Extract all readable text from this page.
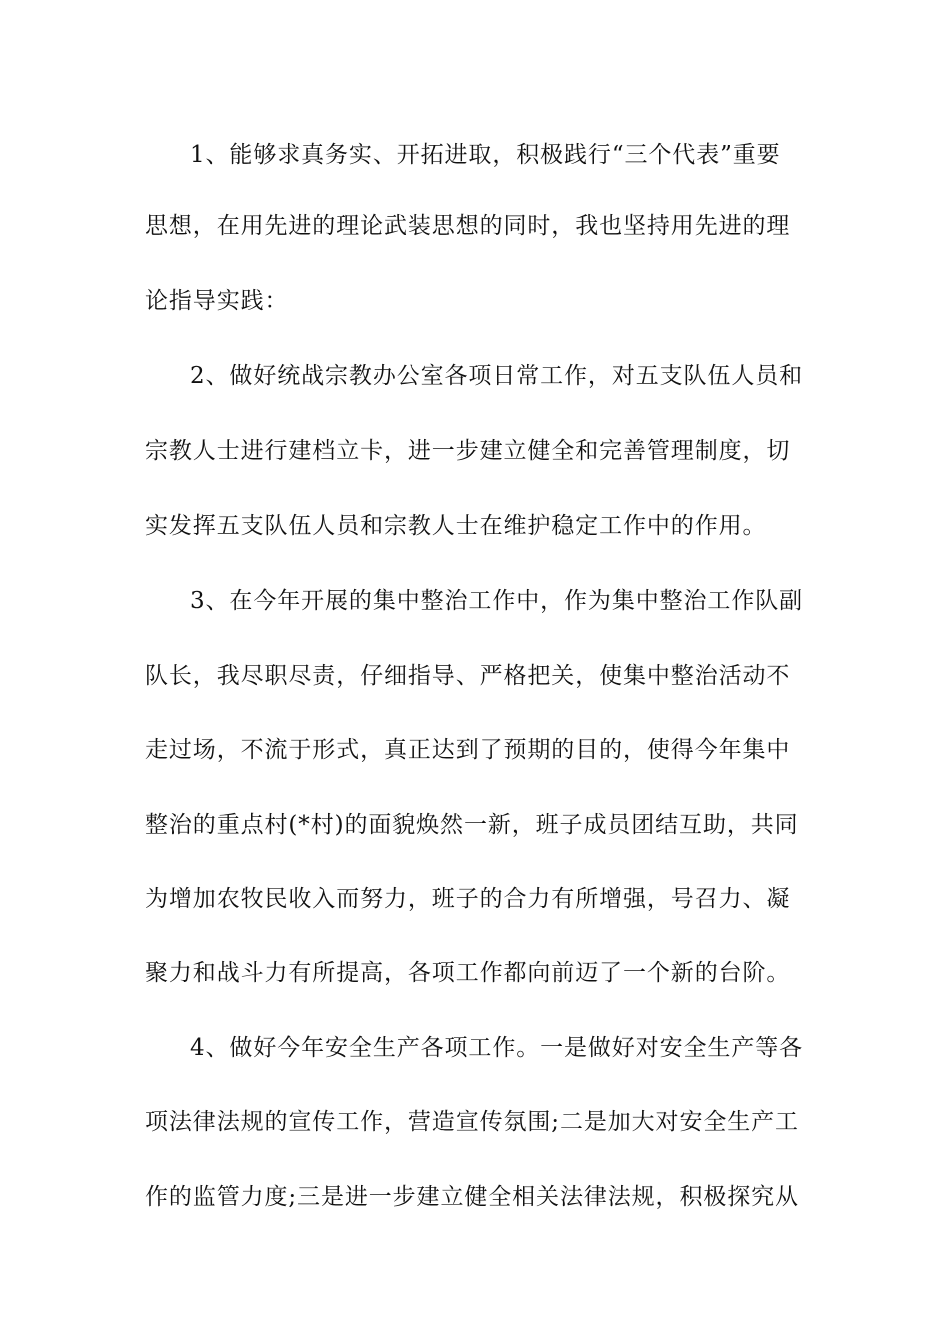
1、能够求真务实、开拓进取，积极践行“三个代表”重要
思想，在用先进的理论武装思想的同时，我也坚持用先进的理
论指导实践：
2、做好统战宗教办公室各项日常工作，对五支队伍人员和
宗教人士进行建档立卡，进一步建立健全和完善管理制度，切
实发挥五支队伍人员和宗教人士在维护稳定工作中的作用。
3、在今年开展的集中整治工作中，作为集中整治工作队副
队长，我尽职尽责，仔细指导、严格把关，使集中整治活动不
走过场，不流于形式，真正达到了预期的目的，使得今年集中
整治的重点村(*村)的面貌焕然一新，班子成员团结互助，共同
为增加农牧民收入而努力，班子的合力有所增强，号召力、凝
聚力和战斗力有所提高，各项工作都向前迈了一个新的台阶。
4、做好今年安全生产各项工作。一是做好对安全生产等各
项法律法规的宣传工作，营造宣传氛围;二是加大对安全生产工
作的监管力度;三是进一步建立健全相关法律法规，积极探究从
